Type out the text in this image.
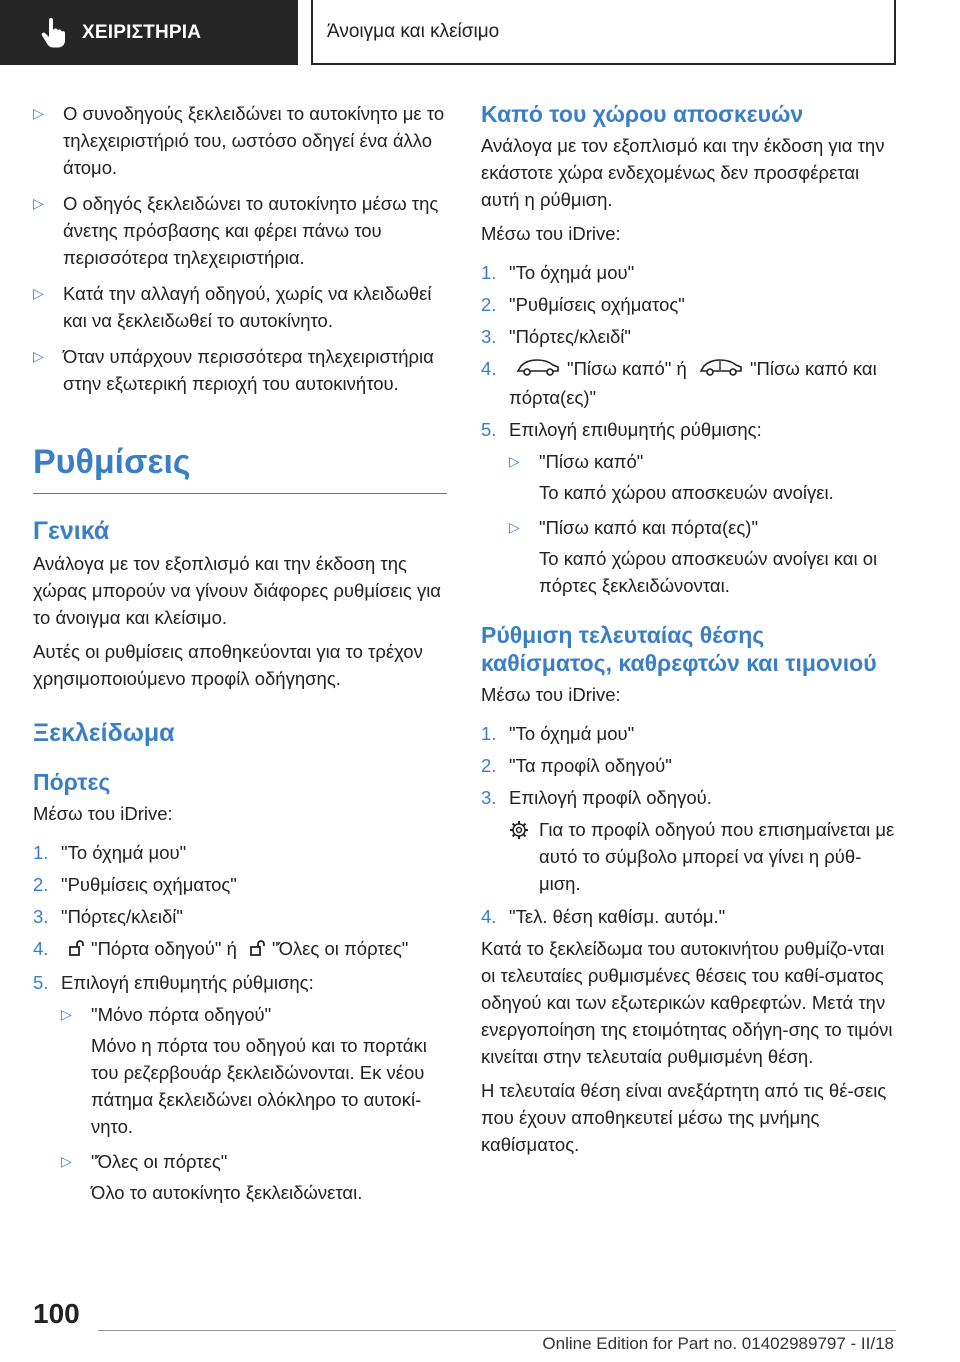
ΧΕΙΡΙΣΤΗΡΙΑ	Άνοιγμα και κλείσιμο
▷	Ο συνοδηγούς ξεκλειδώνει το αυτοκίνητο με το τηλεχειριστήριό του, ωστόσο οδηγεί ένα άλλο άτομο.
▷	Ο οδηγός ξεκλειδώνει το αυτοκίνητο μέσω της άνετης πρόσβασης και φέρει πάνω του περισσότερα τηλεχειριστήρια.
▷	Κατά την αλλαγή οδηγού, χωρίς να κλειδωθεί και να ξεκλειδωθεί το αυτοκίνητο.
▷	Όταν υπάρχουν περισσότερα τηλεχειριστήρια στην εξωτερική περιοχή του αυτοκινήτου.
Ρυθμίσεις
Γενικά
Ανάλογα με τον εξοπλισμό και την έκδοση της χώρας μπορούν να γίνουν διάφορες ρυθμίσεις για το άνοιγμα και κλείσιμο.
Αυτές οι ρυθμίσεις αποθηκεύονται για το τρέχον χρησιμοποιούμενο προφίλ οδήγησης.
Ξεκλείδωμα
Πόρτες
Μέσω του iDrive:
1. "Το όχημά μου"
2. "Ρυθμίσεις οχήματος"
3. "Πόρτες/κλειδί"
4.	"Πόρτα οδηγού" ή "Όλες οι πόρτες"
5. Επιλογή επιθυμητής ρύθμισης:
▷	"Μόνο πόρτα οδηγού"
Μόνο η πόρτα του οδηγού και το πορτάκι του ρεζερβουάρ ξεκλειδώνονται. Εκ νέου πάτημα ξεκλειδώνει ολόκληρο το αυτοκί-νητο.
▷	"Όλες οι πόρτες"
Όλο το αυτοκίνητο ξεκλειδώνεται.
Καπό του χώρου αποσκευών
Ανάλογα με τον εξοπλισμό και την έκδοση για την εκάστοτε χώρα ενδεχομένως δεν προσφέρεται αυτή η ρύθμιση.
Μέσω του iDrive:
1. "Το όχημά μου"
2. "Ρυθμίσεις οχήματος"
3. "Πόρτες/κλειδί"
4.	"Πίσω καπό" ή	"Πίσω καπό και πόρτα(ες)"
5. Επιλογή επιθυμητής ρύθμισης:
▷	"Πίσω καπό"
Το καπό χώρου αποσκευών ανοίγει.
▷	"Πίσω καπό και πόρτα(ες)"
Το καπό χώρου αποσκευών ανοίγει και οι πόρτες ξεκλειδώνονται.
Ρύθμιση τελευταίας θέσης καθίσματος, καθρεφτών και τιμονιού
Μέσω του iDrive:
1. "Το όχημά μου"
2. "Τα προφίλ οδηγού"
3. Επιλογή προφίλ οδηγού.
Για το προφίλ οδηγού που επισημαίνεται με αυτό το σύμβολο μπορεί να γίνει η ρύθ-μιση.
4. "Τελ. θέση καθίσμ. αυτόμ."
Κατά το ξεκλείδωμα του αυτοκινήτου ρυθμίζο-νται οι τελευταίες ρυθμισμένες θέσεις του καθί-σματος οδηγού και των εξωτερικών καθρεφτών. Μετά την ενεργοποίηση της ετοιμότητας οδήγη-σης το τιμόνι κινείται στην τελευταία ρυθμισμένη θέση.
Η τελευταία θέση είναι ανεξάρτητη από τις θέ-σεις που έχουν αποθηκευτεί μέσω της μνήμης καθίσματος.
100
Online Edition for Part no. 01402989797 - II/18
